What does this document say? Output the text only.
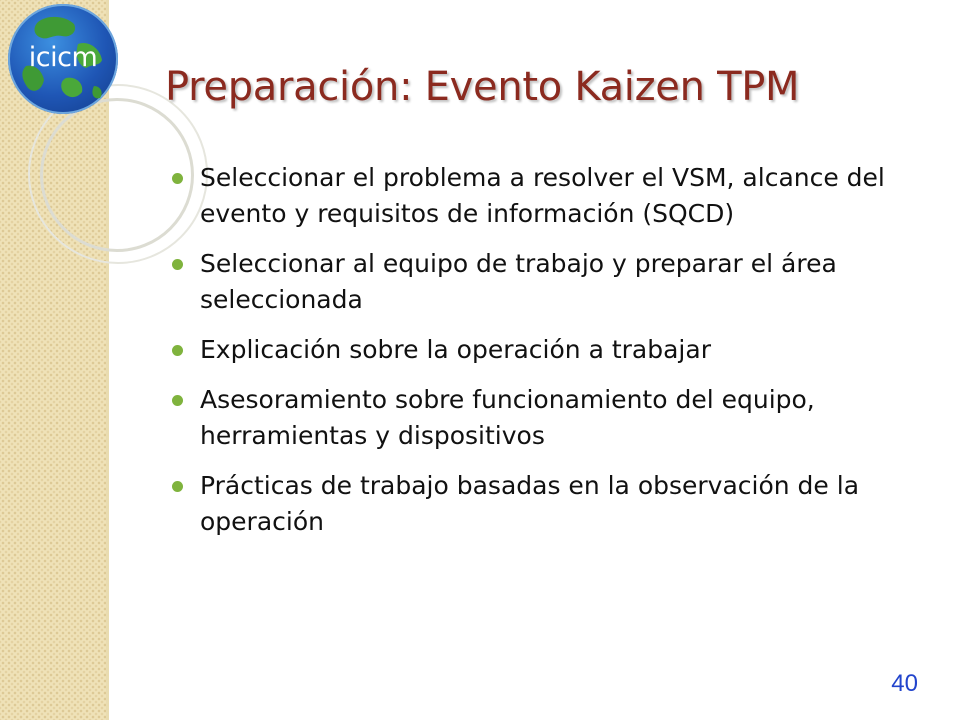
icicm
Preparación: Evento Kaizen TPM
Seleccionar el problema a resolver el VSM, alcance del evento y requisitos de información (SQCD)
Seleccionar al equipo de trabajo y preparar el área seleccionada
Explicación sobre la operación a trabajar
Asesoramiento sobre funcionamiento del equipo, herramientas y dispositivos
Prácticas de trabajo basadas en la observación de la operación
40
